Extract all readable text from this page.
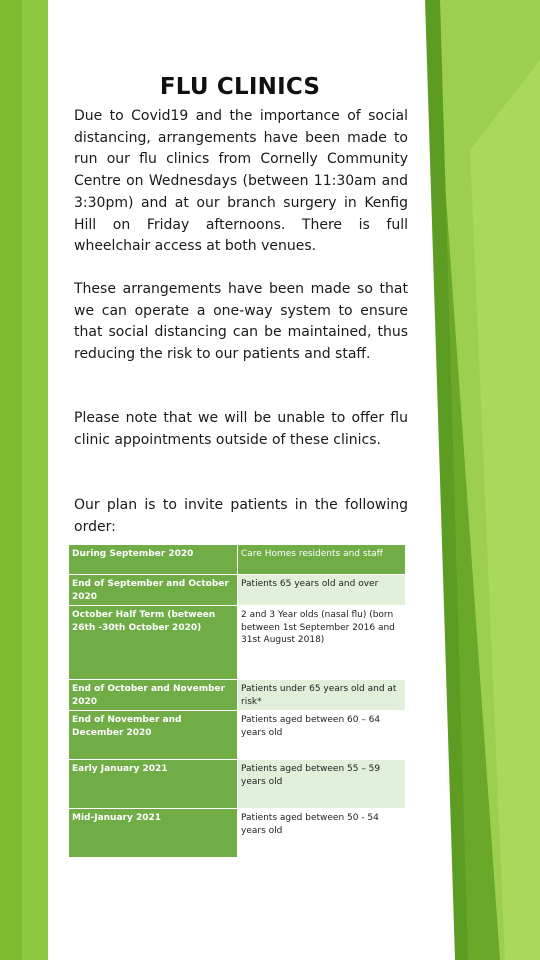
FLU CLINICS

Due to Covid19 and the importance of social distancing, arrangements have been made to run our flu clinics from Cornelly Community Centre on Wednesdays (between 11:30am and 3:30pm) and at our branch surgery in Kenfig Hill on Friday afternoons. There is full wheelchair access at both venues.

These arrangements have been made so that we can operate a one-way system to ensure that social distancing can be maintained, thus reducing the risk to our patients and staff.

Please note that we will be unable to offer flu clinic appointments outside of these clinics.

Our plan is to invite patients in the following order:

During September 2020	Care Homes residents and staff
End of September and October 2020	Patients 65 years old and over
October Half Term (between 26th -30th October 2020)	2 and 3 Year olds (nasal flu) (born between 1st September 2016 and 31st August 2018)
End of October and November 2020	Patients under 65 years old and at risk*
End of November and December 2020	Patients aged between 60 – 64 years old
Early January 2021	Patients aged between 55 – 59 years old
Mid-January 2021	Patients aged between 50 - 54 years old
